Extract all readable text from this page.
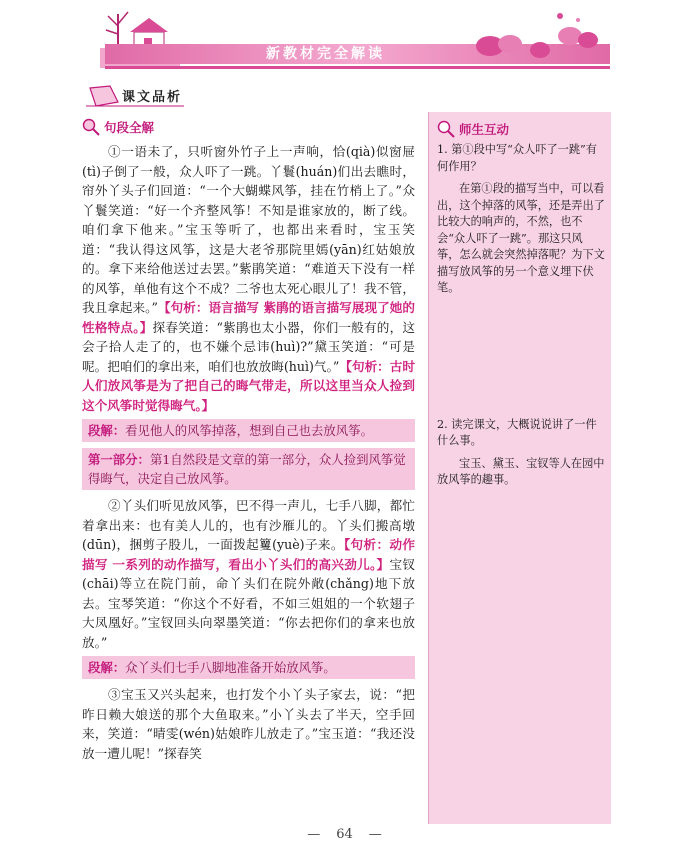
新教材完全解读
课文品析
句段全解

①一语未了，只听窗外竹子上一声响，恰(qià)似窗屉(tì)子倒了一般，众人吓了一跳。丫鬟(huán)们出去瞧时，帘外丫头子们回道：“一个大蝴蝶风筝，挂在竹梢上了。”众丫鬟笑道：“好一个齐整风筝！不知是谁家放的，断了线。咱们拿下他来。”宝玉等听了，也都出来看时，宝玉笑道：“我认得这风筝，这是大老爷那院里嫣(yān)红姑娘放的。拿下来给他送过去罢。”紫鹃笑道：“难道天下没有一样的风筝，单他有这个不成？二爷也太死心眼儿了！我不管，我且拿起来。”【句析：语言描写 紫鹃的语言描写展现了她的性格特点。】探春笑道：“紫鹃也太小器，你们一般有的，这会子拾人走了的，也不嫌个忌讳(huì)?”黛玉笑道：“可是呢。把咱们的拿出来，咱们也放放晦(huì)气。”【句析：古时人们放风筝是为了把自己的晦气带走，所以这里当众人捡到这个风筝时觉得晦气。】

段解：看见他人的风筝掉落，想到自己也去放风筝。
第一部分：第1自然段是文章的第一部分，众人捡到风筝觉得晦气，决定自己放风筝。

②丫头们听见放风筝，巴不得一声儿，七手八脚，都忙着拿出来：也有美人儿的，也有沙雁儿的。丫头们搬高墩(dūn)，捆剪子股儿，一面拨起籰(yuè)子来。【句析：动作描写 一系列的动作描写，看出小丫头们的高兴劲儿。】宝钗(chāi)等立在院门前，命丫头们在院外敞(chǎng)地下放去。宝琴笑道：“你这个不好看，不如三姐姐的一个软翅子大凤凰好。”宝钗回头向翠墨笑道：“你去把你们的拿来也放放。”

段解：众丫头们七手八脚地准备开始放风筝。

③宝玉又兴头起来，也打发个小丫头子家去，说：“把昨日赖大娘送的那个大鱼取来。”小丫头去了半天，空手回来，笑道：“晴雯(wén)姑娘昨儿放走了。”宝玉道：“我还没放一遭儿呢！”探春笑

师生互动

1. 第①段中写“众人吓了一跳”有何作用？

在第①段的描写当中，可以看出，这个掉落的风筝，还是弄出了比较大的响声的，不然，也不会“众人吓了一跳”。那这只风筝，怎么就会突然掉落呢？为下文描写放风筝的另一个意义埋下伏笔。

2. 读完课文，大概说说讲了一件什么事。

宝玉、黛玉、宝钗等人在园中放风筝的趣事。

— 64 —
